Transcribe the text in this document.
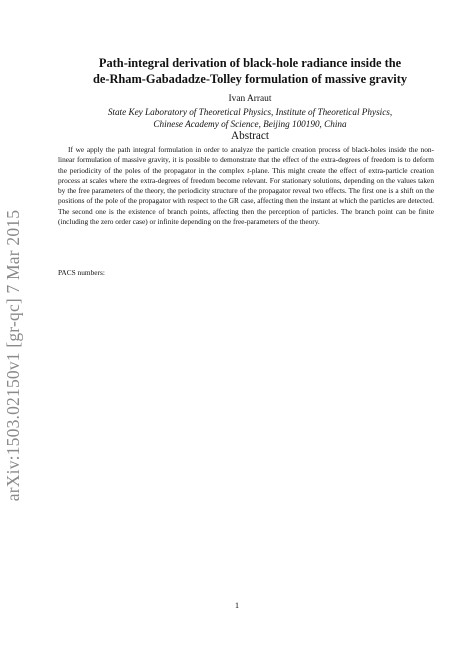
arXiv:1503.02150v1 [gr-qc] 7 Mar 2015
Path-integral derivation of black-hole radiance inside the
de-Rham-Gabadadze-Tolley formulation of massive gravity

Ivan Arraut

State Key Laboratory of Theoretical Physics, Institute of Theoretical Physics,
Chinese Academy of Science, Beijing 100190, China

Abstract

If we apply the path integral formulation in order to analyze the particle creation process of black-holes inside the non-linear formulation of massive gravity, it is possible to demonstrate that the effect of the extra-degrees of freedom is to deform the periodicity of the poles of the propagator in the complex t-plane. This might create the effect of extra-particle creation process at scales where the extra-degrees of freedom become relevant. For stationary solutions, depending on the values taken by the free parameters of the theory, the periodicity structure of the propagator reveal two effects. The first one is a shift on the positions of the pole of the propagator with respect to the GR case, affecting then the instant at which the particles are detected. The second one is the existence of branch points, affecting then the perception of particles. The branch point can be finite (including the zero order case) or infinite depending on the free-parameters of the theory.

PACS numbers:

1
